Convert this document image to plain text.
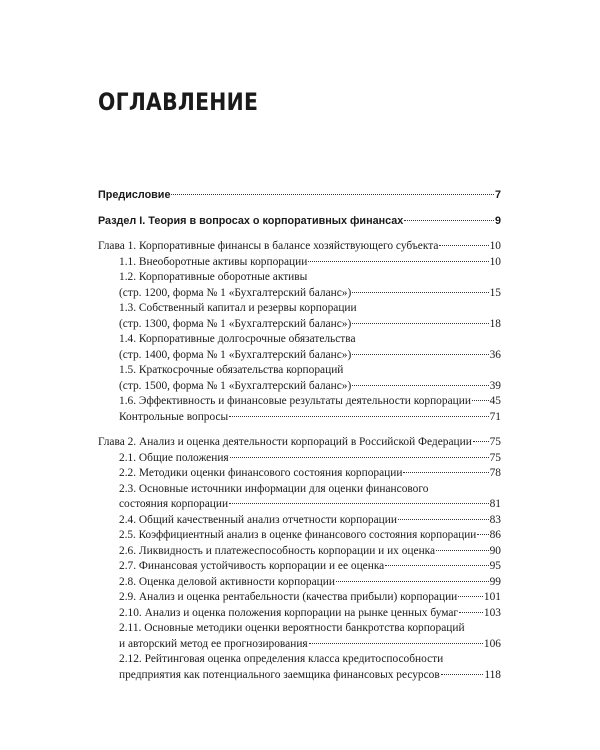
ОГЛАВЛЕНИЕ
Предисловие	7
Раздел I. Теория в вопросах о корпоративных финансах	9
Глава 1. Корпоративные финансы в балансе хозяйствующего субъекта	10
1.1. Внеоборотные активы корпорации	10
1.2. Корпоративные оборотные активы
(стр. 1200, форма № 1 «Бухгалтерский баланс»)	15
1.3. Собственный капитал и резервы корпорации
(стр. 1300, форма № 1 «Бухгалтерский баланс»)	18
1.4. Корпоративные долгосрочные обязательства
(стр. 1400, форма № 1 «Бухгалтерский баланс»)	36
1.5. Краткосрочные обязательства корпораций
(стр. 1500, форма № 1 «Бухгалтерский баланс»)	39
1.6. Эффективность и финансовые результаты деятельности корпорации 45
Контрольные вопросы	71
Глава 2. Анализ и оценка деятельности корпораций в Российской Федерации 75
2.1. Общие положения	75
2.2. Методики оценки финансового состояния корпорации	78
2.3. Основные источники информации для оценки финансового
состояния корпорации	81
2.4. Общий качественный анализ отчетности корпорации	83
2.5. Коэффициентный анализ в оценке финансового состояния корпорации 86
2.6. Ликвидность и платежеспособность корпорации и их оценка	90
2.7. Финансовая устойчивость корпорации и ее оценка	95
2.8. Оценка деловой активности корпорации	99
2.9. Анализ и оценка рентабельности (качества прибыли) корпорации 101
2.10. Анализ и оценка положения корпорации на рынке ценных бумаг 103
2.11. Основные методики оценки вероятности банкротства корпораций
и авторский метод ее прогнозирования	106
2.12. Рейтинговая оценка определения класса кредитоспособности
предприятия как потенциального заемщика финансовых ресурсов	118
